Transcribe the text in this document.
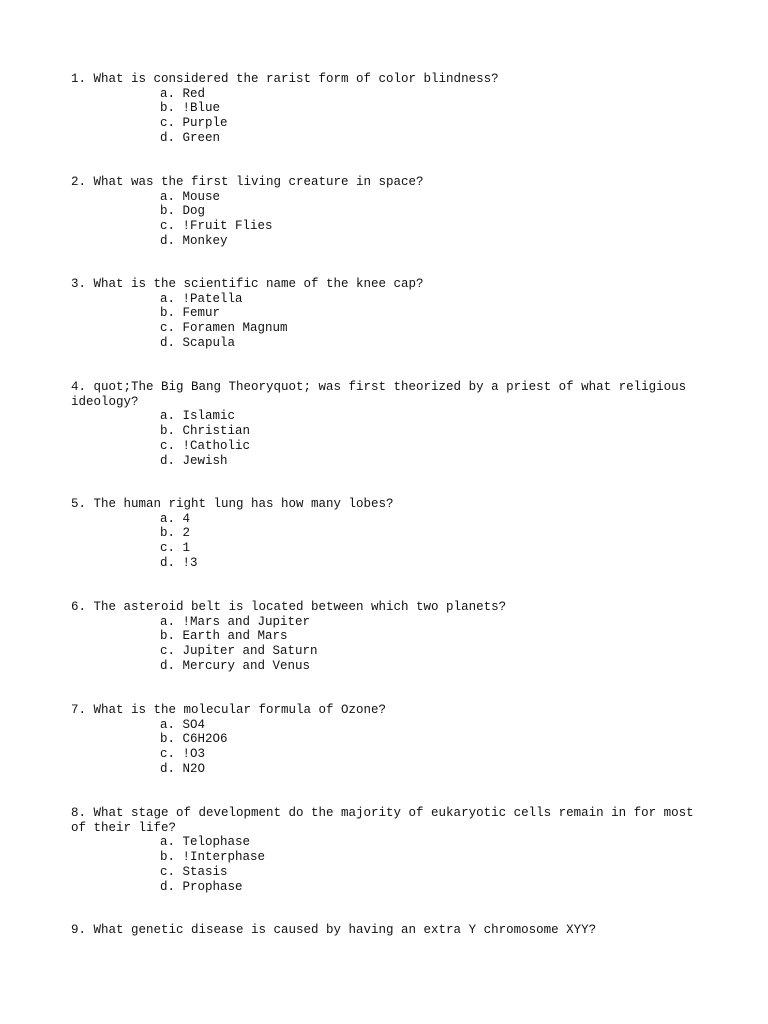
1. What is considered the rarist form of color blindness?

a. Red
b. !Blue
c. Purple
d. Green

2. What was the first living creature in space?

a. Mouse
b. Dog
c. !Fruit Flies
d. Monkey

3. What is the scientific name of the knee cap?

a. !Patella
b. Femur
c. Foramen Magnum
d. Scapula

4. quot;The Big Bang Theoryquot; was first theorized by a priest of what religious ideology?

a. Islamic
b. Christian
c. !Catholic
d. Jewish

5. The human right lung has how many lobes?

a. 4
b. 2
c. 1
d. !3

6. The asteroid belt is located between which two planets?

a. !Mars and Jupiter
b. Earth and Mars
c. Jupiter and Saturn
d. Mercury and Venus

7. What is the molecular formula of Ozone?

a. SO4
b. C6H2O6
c. !O3
d. N2O

8. What stage of development do the majority of eukaryotic cells remain in for most of their life?

a. Telophase
b. !Interphase
c. Stasis
d. Prophase

9. What genetic disease is caused by having an extra Y chromosome XYY?
